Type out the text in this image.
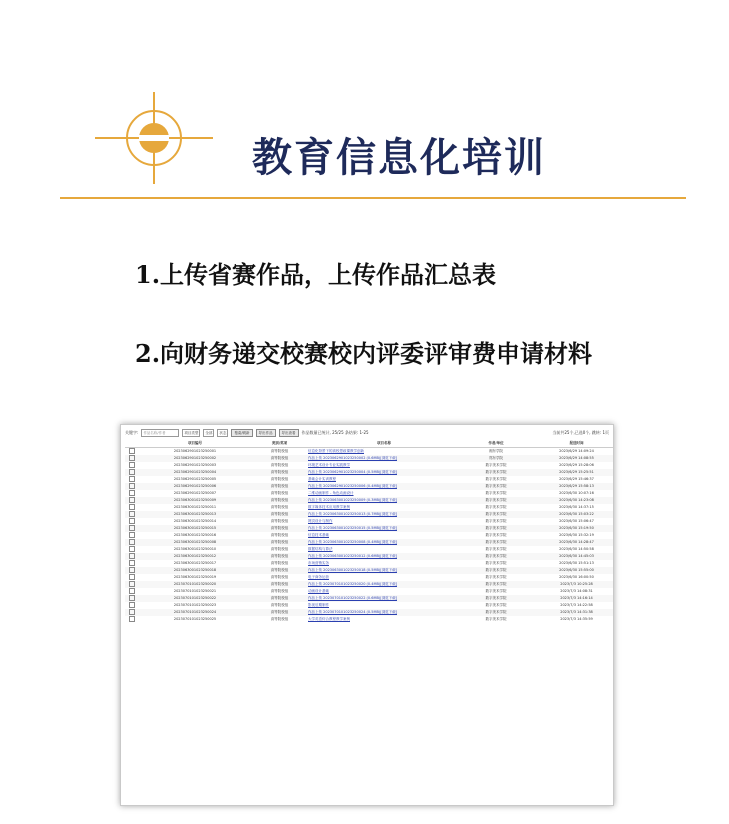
教育信息化培训
1.上传省赛作品，上传作品汇总表
2.向财务递交校赛校内评委评审费申请材料
关键字:	作品名称/作者	项目类型	全部	状态	搜索/刷新	导出作品	导出查看	作品数量已统计, 25/25 条结果: 1-25	当前共25个,已选0个, 跳转: 1页
	项目编号	类别/奖项	项目名称	作者/单位	报送时间
	2023062901023250001	高等院校组	信息化背景下的高校思政课教学创新	湘东学院	2023/6/29 14:09:24
	2023062901023250002	高等院校组	作品上传 2023062901023250002 (0.6MB)[浏览下载]	郑东学院	2023/6/29 14:08:55
	2023062901023250003	高等院校组	环境艺术设计专业实践教学	数字美术学院	2023/6/29 15:28:06
	2023062901023250004	高等院校组	作品上传 2023062901023250004 (0.5MB)[浏览下载]	数字美术学院	2023/6/29 15:25:51
	2023062901023250005	高等院校组	基础会计实训教程	数字美术学院	2023/6/29 15:46:37
	2023062901023250006	高等院校组	作品上传 2023062901023250006 (0.4MB)[浏览下载]	数字美术学院	2023/6/29 15:58:13
	2023062901023250007	高等院校组	二维动画制作 - 角色动画设计	数字美术学院	2023/6/30 10:07:16
	2023063001023250009	高等院校组	作品上传 2023063001023250009 (0.3MB)[浏览下载]	数字美术学院	2023/6/30 14:23:08
	2023063001023250011	高等院校组	数字媒体技术应用教学案例	数字美术学院	2023/6/30 14:37:15
	2023063001023250013	高等院校组	作品上传 2023063001023250013 (0.7MB)[浏览下载]	数字美术学院	2023/6/30 15:03:22
	2023063001023250014	高等院校组	网页设计与制作	数字美术学院	2023/6/30 15:06:47
	2023063001023250015	高等院校组	作品上传 2023063001023250015 (0.5MB)[浏览下载]	数字美术学院	2023/6/30 15:19:50
	2023063001023250016	高等院校组	信息技术基础	数字美术学院	2023/6/30 15:32:19
	2023063001023250008	高等院校组	作品上传 2023063001023250008 (0.4MB)[浏览下载]	数字美术学院	2023/6/30 14:28:47
	2023063001023250010	高等院校组	数据结构与算法	数字美术学院	2023/6/30 14:50:58
	2023063001023250012	高等院校组	作品上传 2023063001023250012 (0.6MB)[浏览下载]	数字美术学院	2023/6/30 14:45:03
	2023063001023250017	高等院校组	市场营销实务	数字美术学院	2023/6/30 15:51:13
	2023063001023250018	高等院校组	作品上传 2023063001023250018 (0.5MB)[浏览下载]	数字美术学院	2023/6/30 15:55:00
	2023063001023250019	高等院校组	电子商务运营	数字美术学院	2023/6/30 16:00:50
	2023070101023250020	高等院校组	作品上传 2023070101023250020 (0.4MB)[浏览下载]	数字美术学院	2023/7/3 10:25:28
	2023070101023250021	高等院校组	动画设计基础	数字美术学院	2023/7/3 14:08:31
	2023070101023250022	高等院校组	作品上传 2023070101023250022 (0.6MB)[浏览下载]	数字美术学院	2023/7/3 14:16:14
	2023070101023250023	高等院校组	影视后期制作	数字美术学院	2023/7/3 14:22:58
	2023070101023250024	高等院校组	作品上传 2023070101023250024 (0.5MB)[浏览下载]	数字美术学院	2023/7/3 14:31:38
	2023070101023250025	高等院校组	大学英语综合教程教学案例	数字美术学院	2023/7/3 14:35:59
